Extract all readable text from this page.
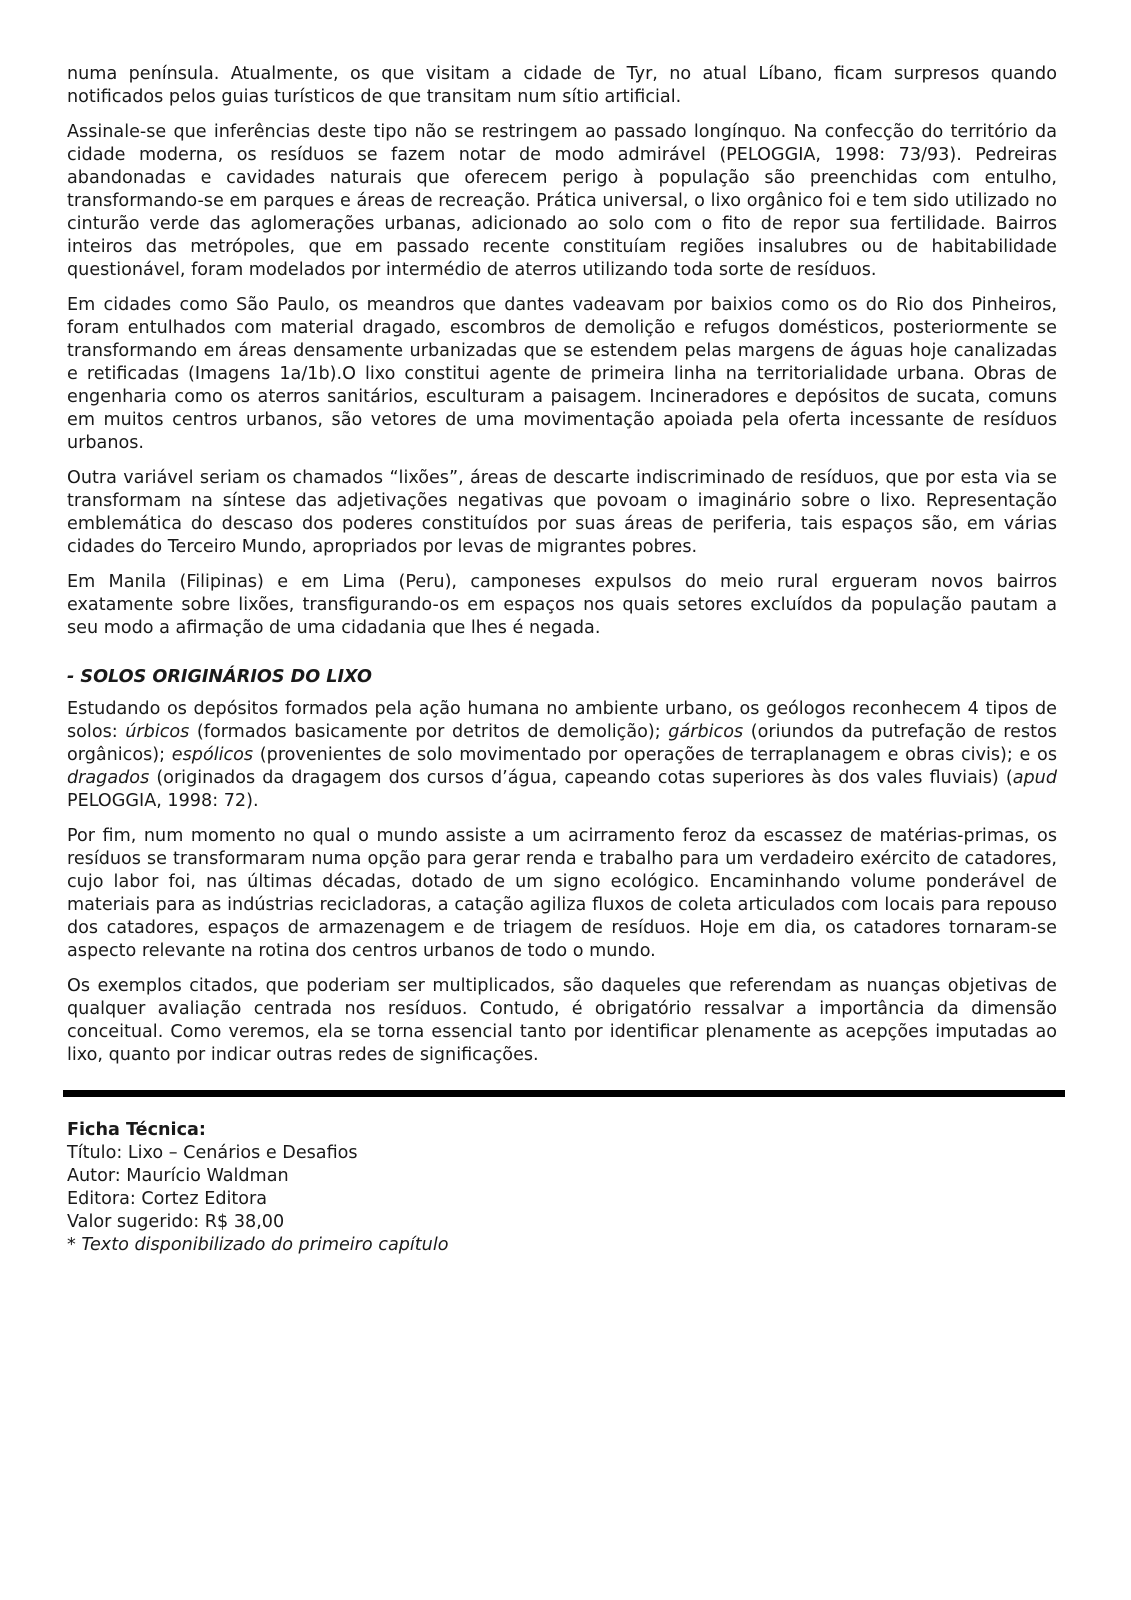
numa península. Atualmente, os que visitam a cidade de Tyr, no atual Líbano, ficam surpresos quando notificados pelos guias turísticos de que transitam num sítio artificial.

Assinale-se que inferências deste tipo não se restringem ao passado longínquo. Na confecção do território da cidade moderna, os resíduos se fazem notar de modo admirável (PELOGGIA, 1998: 73/93). Pedreiras abandonadas e cavidades naturais que oferecem perigo à população são preenchidas com entulho, transformando-se em parques e áreas de recreação. Prática universal, o lixo orgânico foi e tem sido utilizado no cinturão verde das aglomerações urbanas, adicionado ao solo com o fito de repor sua fertilidade. Bairros inteiros das metrópoles, que em passado recente constituíam regiões insalubres ou de habitabilidade questionável, foram modelados por intermédio de aterros utilizando toda sorte de resíduos.

Em cidades como São Paulo, os meandros que dantes vadeavam por baixios como os do Rio dos Pinheiros, foram entulhados com material dragado, escombros de demolição e refugos domésticos, posteriormente se transformando em áreas densamente urbanizadas que se estendem pelas margens de águas hoje canalizadas e retificadas (Imagens 1a/1b).O lixo constitui agente de primeira linha na territorialidade urbana. Obras de engenharia como os aterros sanitários, esculturam a paisagem. Incineradores e depósitos de sucata, comuns em muitos centros urbanos, são vetores de uma movimentação apoiada pela oferta incessante de resíduos urbanos.

Outra variável seriam os chamados “lixões”, áreas de descarte indiscriminado de resíduos, que por esta via se transformam na síntese das adjetivações negativas que povoam o imaginário sobre o lixo. Representação emblemática do descaso dos poderes constituídos por suas áreas de periferia, tais espaços são, em várias cidades do Terceiro Mundo, apropriados por levas de migrantes pobres.

Em Manila (Filipinas) e em Lima (Peru), camponeses expulsos do meio rural ergueram novos bairros exatamente sobre lixões, transfigurando-os em espaços nos quais setores excluídos da população pautam a seu modo a afirmação de uma cidadania que lhes é negada.

- SOLOS ORIGINÁRIOS DO LIXO

Estudando os depósitos formados pela ação humana no ambiente urbano, os geólogos reconhecem 4 tipos de solos: úrbicos (formados basicamente por detritos de demolição); gárbicos (oriundos da putrefação de restos orgânicos); espólicos (provenientes de solo movimentado por operações de terraplanagem e obras civis); e os dragados (originados da dragagem dos cursos d’água, capeando cotas superiores às dos vales fluviais) (apud PELOGGIA, 1998: 72).

Por fim, num momento no qual o mundo assiste a um acirramento feroz da escassez de matérias-primas, os resíduos se transformaram numa opção para gerar renda e trabalho para um verdadeiro exército de catadores, cujo labor foi, nas últimas décadas, dotado de um signo ecológico. Encaminhando volume ponderável de materiais para as indústrias recicladoras, a catação agiliza fluxos de coleta articulados com locais para repouso dos catadores, espaços de armazenagem e de triagem de resíduos. Hoje em dia, os catadores tornaram-se aspecto relevante na rotina dos centros urbanos de todo o mundo.

Os exemplos citados, que poderiam ser multiplicados, são daqueles que referendam as nuanças objetivas de qualquer avaliação centrada nos resíduos. Contudo, é obrigatório ressalvar a importância da dimensão conceitual. Como veremos, ela se torna essencial tanto por identificar plenamente as acepções imputadas ao lixo, quanto por indicar outras redes de significações.

Ficha Técnica:
Título: Lixo – Cenários e Desafios
Autor: Maurício Waldman
Editora: Cortez Editora
Valor sugerido: R$ 38,00
* Texto disponibilizado do primeiro capítulo
